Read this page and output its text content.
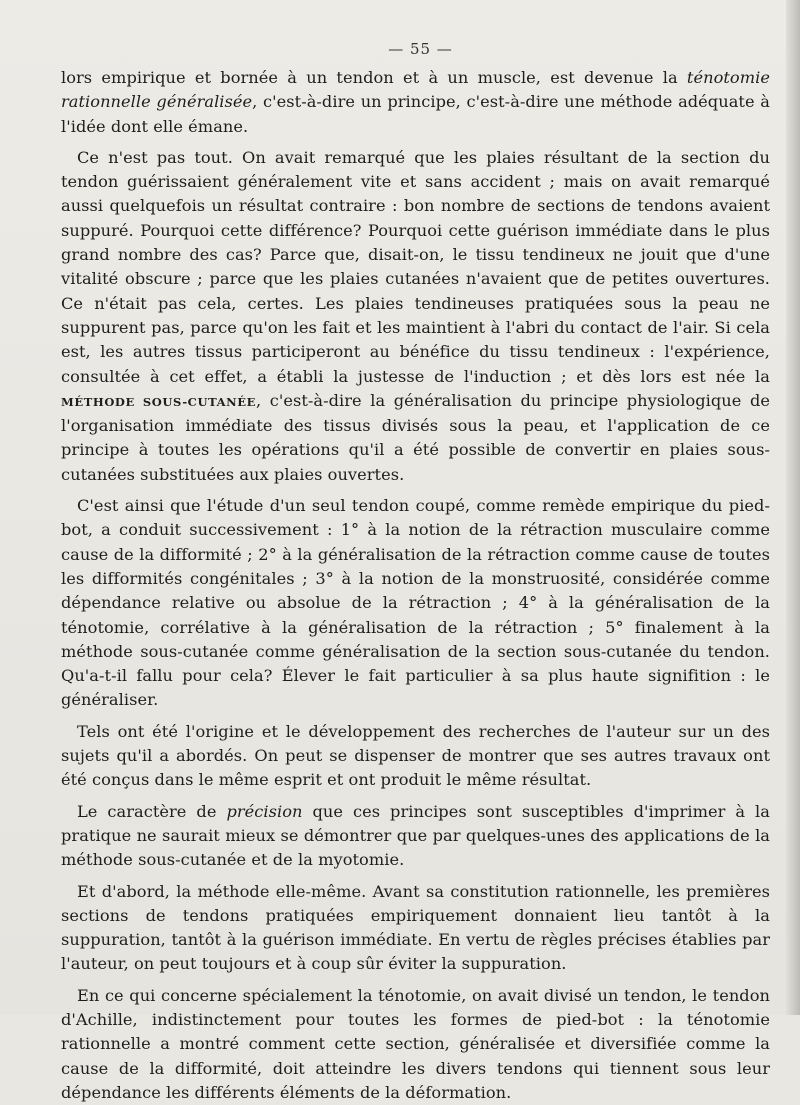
— 55 —

lors empirique et bornée à un tendon et à un muscle, est devenue la ténotomie rationnelle généralisée, c'est-à-dire un principe, c'est-à-dire une méthode adéquate à l'idée dont elle émane.

Ce n'est pas tout. On avait remarqué que les plaies résultant de la section du tendon guérissaient généralement vite et sans accident ; mais on avait remarqué aussi quelquefois un résultat contraire : bon nombre de sections de tendons avaient suppuré. Pourquoi cette différence? Pourquoi cette guérison immédiate dans le plus grand nombre des cas? Parce que, disait-on, le tissu tendineux ne jouit que d'une vitalité obscure ; parce que les plaies cutanées n'avaient que de petites ouvertures. Ce n'était pas cela, certes. Les plaies tendineuses pratiquées sous la peau ne suppurent pas, parce qu'on les fait et les maintient à l'abri du contact de l'air. Si cela est, les autres tissus participeront au bénéfice du tissu tendineux : l'expérience, consultée à cet effet, a établi la justesse de l'induction ; et dès lors est née la MÉTHODE SOUS-CUTANÉE, c'est-à-dire la généralisation du principe physiologique de l'organisation immédiate des tissus divisés sous la peau, et l'application de ce principe à toutes les opérations qu'il a été possible de convertir en plaies sous-cutanées substituées aux plaies ouvertes.

C'est ainsi que l'étude d'un seul tendon coupé, comme remède empirique du pied-bot, a conduit successivement : 1° à la notion de la rétraction musculaire comme cause de la difformité ; 2° à la généralisation de la rétraction comme cause de toutes les difformités congénitales ; 3° à la notion de la monstruosité, considérée comme dépendance relative ou absolue de la rétraction ; 4° à la généralisation de la ténotomie, corrélative à la généralisation de la rétraction ; 5° finalement à la méthode sous-cutanée comme généralisation de la section sous-cutanée du tendon. Qu'a-t-il fallu pour cela? Élever le fait particulier à sa plus haute signifition : le généraliser.

Tels ont été l'origine et le développement des recherches de l'auteur sur un des sujets qu'il a abordés. On peut se dispenser de montrer que ses autres travaux ont été conçus dans le même esprit et ont produit le même résultat.

Le caractère de précision que ces principes sont susceptibles d'imprimer à la pratique ne saurait mieux se démontrer que par quelques-unes des applications de la méthode sous-cutanée et de la myotomie.

Et d'abord, la méthode elle-même. Avant sa constitution rationnelle, les premières sections de tendons pratiquées empiriquement donnaient lieu tantôt à la suppuration, tantôt à la guérison immédiate. En vertu de règles précises établies par l'auteur, on peut toujours et à coup sûr éviter la suppuration.

En ce qui concerne spécialement la ténotomie, on avait divisé un tendon, le tendon d'Achille, indistinctement pour toutes les formes de pied-bot : la ténotomie rationnelle a montré comment cette section, généralisée et diversifiée comme la cause de la difformité, doit atteindre les divers tendons qui tiennent sous leur dépendance les différents éléments de la déformation.
